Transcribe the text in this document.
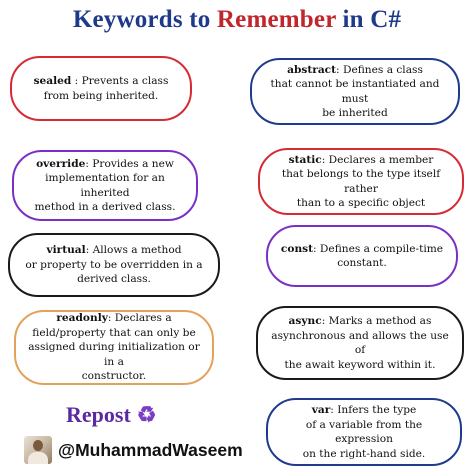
Keywords to Remember in C#
sealed : Prevents a class
from being inherited.
override: Provides a new
implementation for an inherited
method in a derived class.
virtual: Allows a method
or property to be overridden in a
derived class.
readonly: Declares a
field/property that can only be
assigned during initialization or in a
constructor.
abstract: Defines a class
that cannot be instantiated and must
be inherited
static: Declares a member
that belongs to the type itself rather
than to a specific object
const: Defines a compile-time
constant.
async: Marks a method as
asynchronous and allows the use of
the await keyword within it.
var: Infers the type
of a variable from the expression
on the right-hand side.
Repost ♻
@MuhammadWaseem
